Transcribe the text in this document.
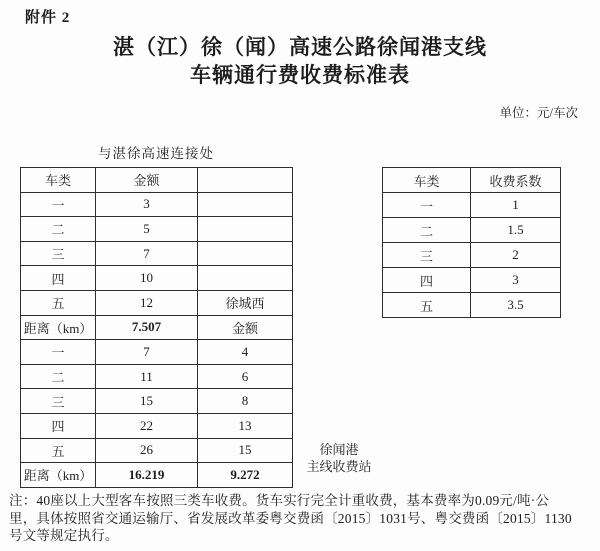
附件 2
湛（江）徐（闻）高速公路徐闻港支线
车辆通行费收费标准表
单位：元/车次
与湛徐高速连接处
车类	金额	
一	3	
二	5	
三	7	
四	10	
五	12	徐城西
距离（km）	7.507	金额
一	7	4
二	11	6
三	15	8
四	22	13
五	26	15
距离（km）	16.219	9.272
车类	收费系数
一	1
二	1.5
三	2
四	3
五	3.5
徐闻港
主线收费站
注：40座以上大型客车按照三类车收费。货车实行完全计重收费，基本费率为0.09元/吨·公
里，具体按照省交通运输厅、省发展改革委粤交费函〔2015〕1031号、粤交费函〔2015〕1130
号文等规定执行。
